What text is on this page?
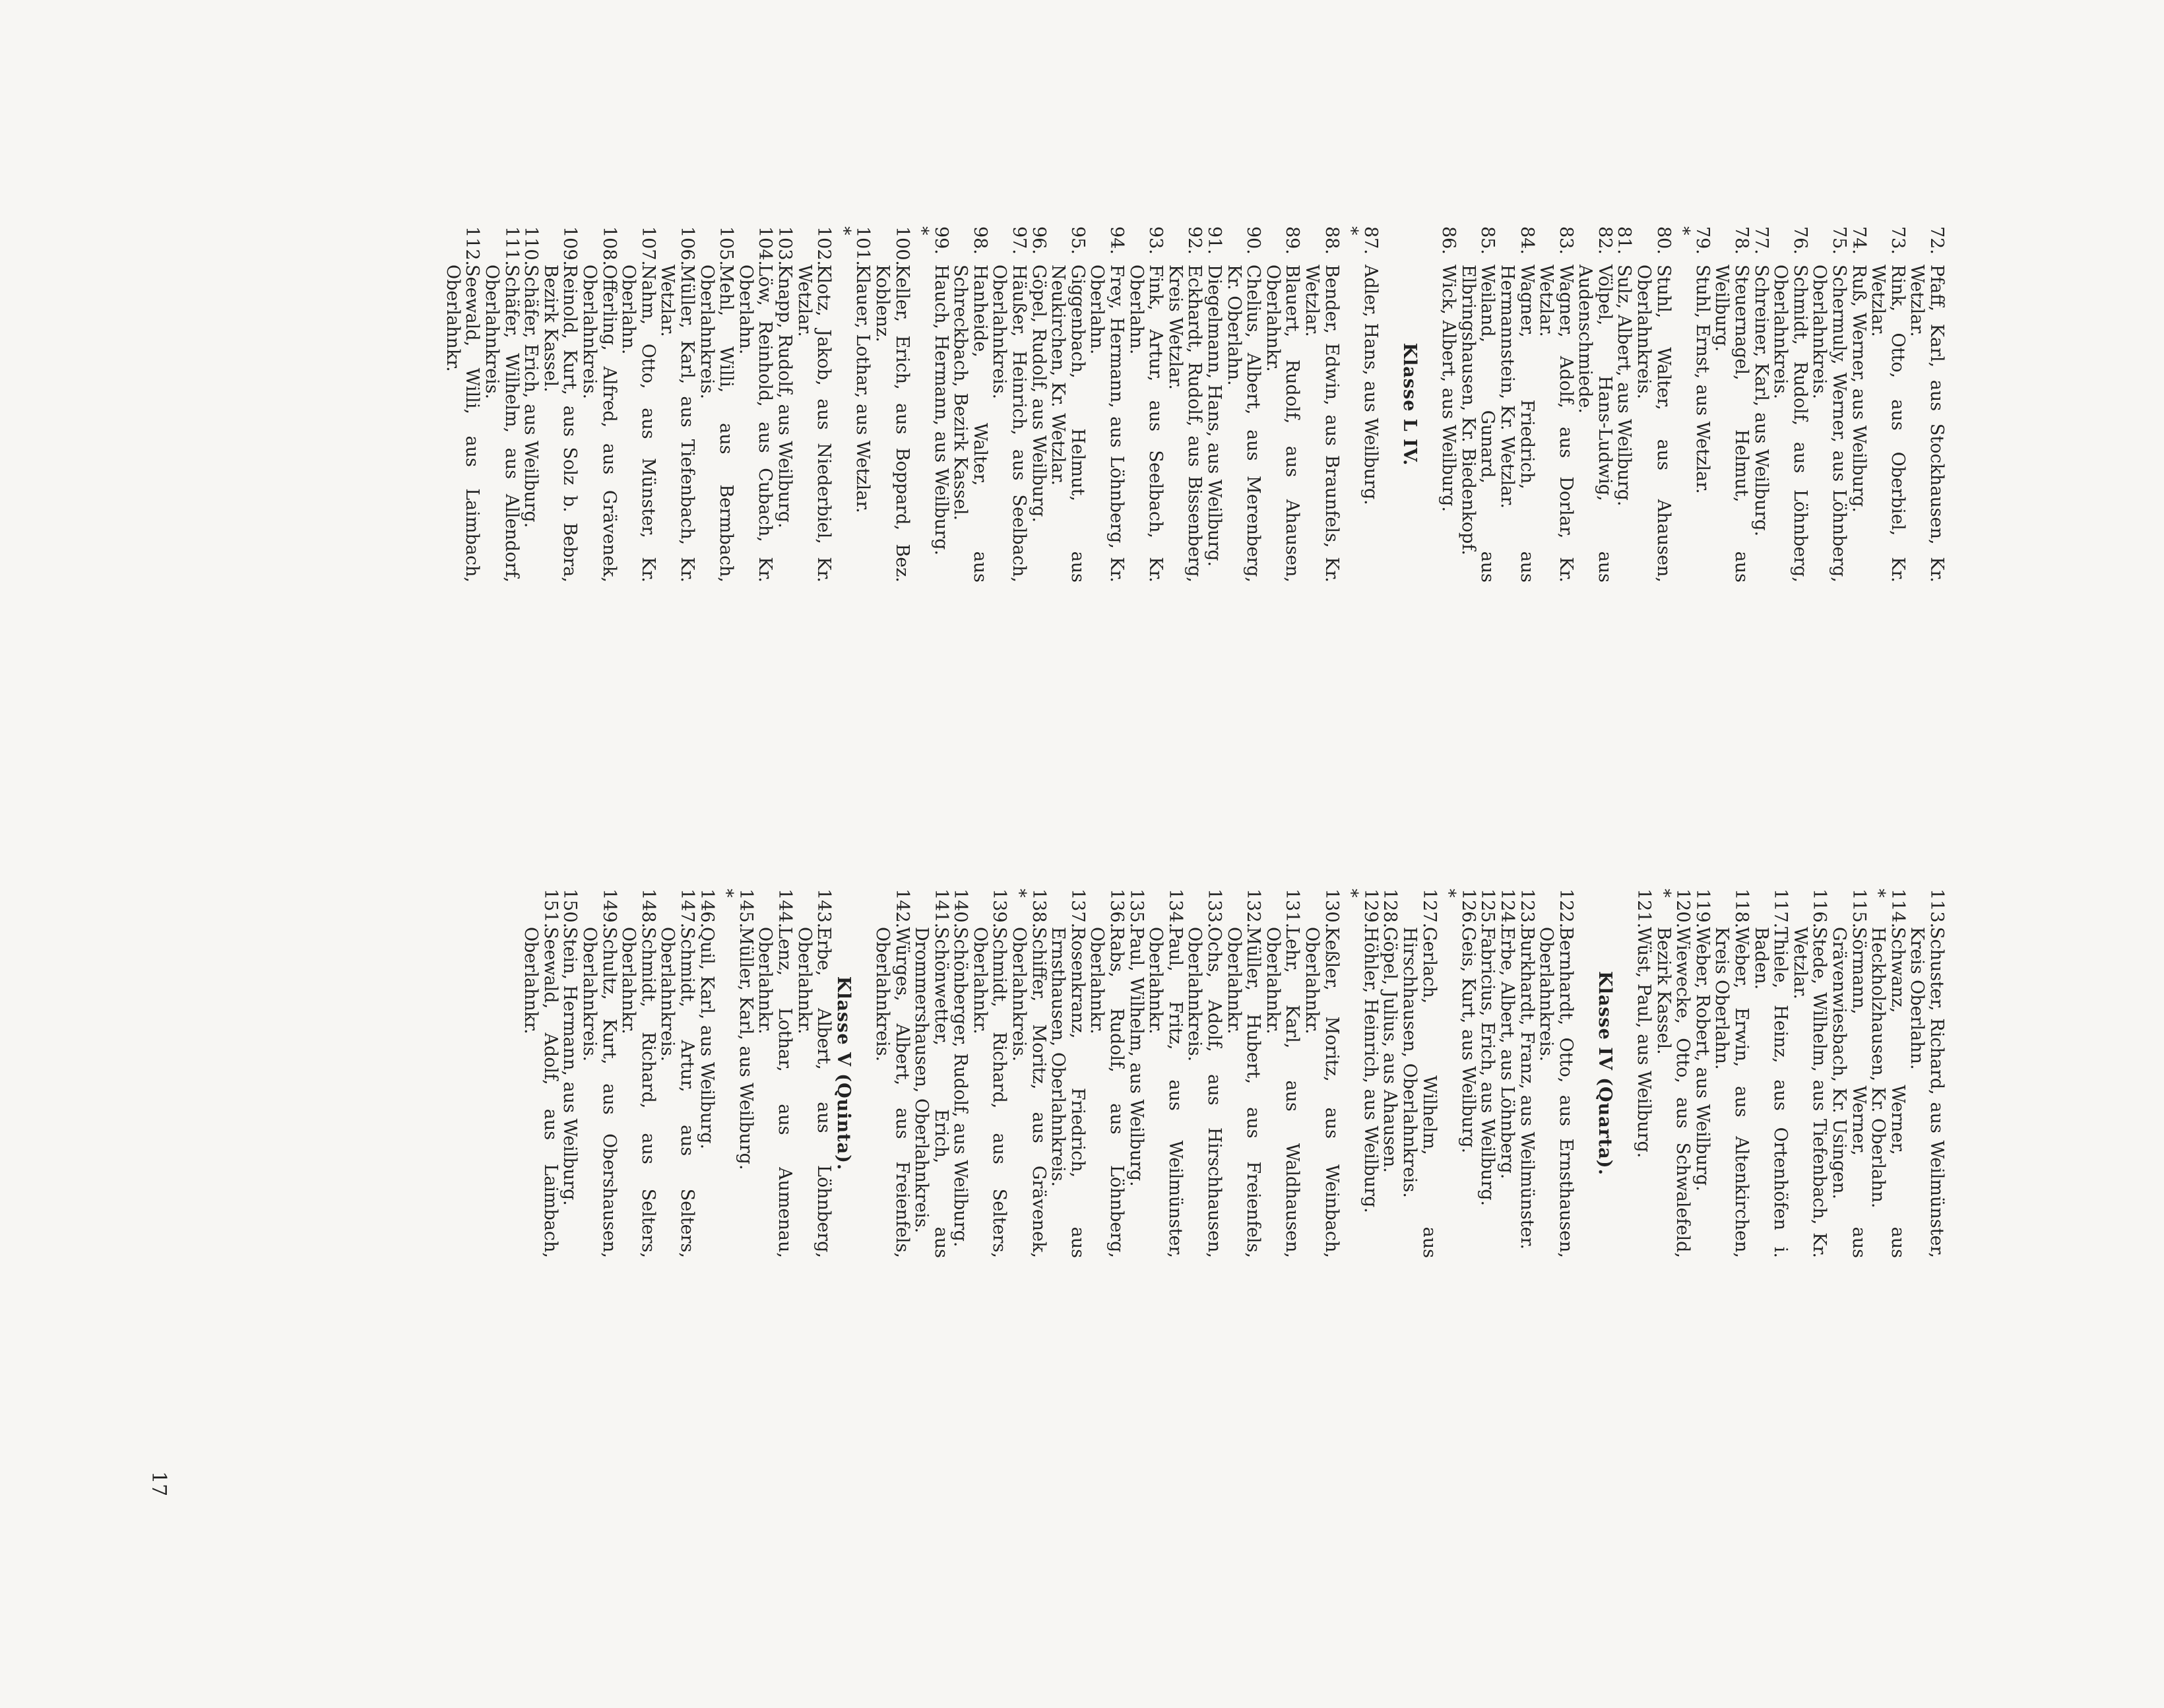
72.
Pfaff, Karl, aus Stockhausen, Kr. Wetzlar.
73.
Rink, Otto, aus Oberbiel, Kr. Wetzlar.
74.
Ruß, Werner, aus Weilburg.
75.
Schermuly, Werner, aus Löhnberg, Oberlahnkreis.
76.
Schmidt, Rudolf, aus Löhnberg, Oberlahnkreis.
77.
Schreiner, Karl, aus Weilburg.
78.
Steuernagel, Helmut, aus Weilburg.
79. *
Stuhl, Ernst, aus Wetzlar.
80.
Stuhl, Walter, aus Ahausen, Oberlahnkreis.
81.
Sulz, Albert, aus Weilburg.
82.
Völpel, Hans-Ludwig, aus Audenschmiede.
83.
Wagner, Adolf, aus Dorlar, Kr. Wetzlar.
84.
Wagner, Friedrich, aus Hermannstein, Kr. Wetzlar.
85.
Weiland, Gunard, aus Elbringshausen, Kr. Biedenkopf.
86.
Wick, Albert, aus Weilburg.
Klasse L IV.
87. *
Adler, Hans, aus Weilburg.
88.
Bender, Edwin, aus Braunfels, Kr. Wetzlar.
89.
Blauert, Rudolf, aus Ahausen, Oberlahnkr.
90.
Chelius, Albert, aus Merenberg, Kr. Oberlahn.
91.
Diegelmann, Hans, aus Weilburg.
92.
Eckhardt, Rudolf, aus Bissenberg, Kreis Wetzlar.
93.
Fink, Artur, aus Seelbach, Kr. Oberlahn.
94.
Frey, Hermann, aus Löhnberg, Kr. Oberlahn.
95.
Giggenbach, Helmut, aus Neukirchen, Kr. Wetzlar.
96.
Göpel, Rudolf, aus Weilburg.
97.
Häußer, Heinrich, aus Seelbach, Oberlahnkreis.
98.
Hanheide, Walter, aus Schreckbach, Bezirk Kassel.
99. *
Hauch, Hermann, aus Weilburg.
100.
Keller, Erich, aus Boppard, Bez. Koblenz.
101. *
Klauer, Lothar, aus Wetzlar.
102.
Klotz, Jakob, aus Niederbiel, Kr. Wetzlar.
103.
Knapp, Rudolf, aus Weilburg.
104.
Löw, Reinhold, aus Cubach, Kr. Oberlahn.
105.
Mehl, Willi, aus Bermbach, Oberlahnkreis.
106.
Müller, Karl, aus Tiefenbach, Kr. Wetzlar.
107.
Nahm, Otto, aus Münster, Kr. Oberlahn.
108.
Offerling, Alfred, aus Grävenek, Oberlahnkreis.
109.
Reinold, Kurt, aus Solz b. Bebra, Bezirk Kassel.
110.
Schäfer, Erich, aus Weilburg.
111.
Schäfer, Wilhelm, aus Allendorf, Oberlahnkreis.
112.
Seewald, Willi, aus Laimbach, Oberlahnkr.
113.
Schuster, Richard, aus Weilmünster, Kreis Oberlahn.
114. *
Schwanz, Werner, aus Heckholzhausen, Kr. Oberlahn.
115.
Sörmann, Werner, aus Grävenwiesbach, Kr. Usingen.
116.
Stede, Wilhelm, aus Tiefenbach, Kr. Wetzlar.
117.
Thiele, Heinz, aus Ortenhöfen i. Baden.
118.
Weber, Erwin, aus Altenkirchen, Kreis Oberlahn.
119.
Weber, Robert, aus Weilburg.
120. *
Wiewecke, Otto, aus Schwalefeld, Bezirk Kassel.
121.
Wüst, Paul, aus Weilburg.
Klasse IV (Quarta).
122.
Bernhardt, Otto, aus Ernsthausen, Oberlahnkreis.
123.
Burkhardt, Franz, aus Weilmünster.
124.
Erbe, Albert, aus Löhnberg.
125.
Fabricius, Erich, aus Weilburg.
126. *
Geis, Kurt, aus Weilburg.
127.
Gerlach, Wilhelm, aus Hirschhausen, Oberlahnkreis.
128.
Göpel, Julius, aus Ahausen.
129. *
Höhler, Heinrich, aus Weilburg.
130.
Keßler, Moritz, aus Weinbach, Oberlahnkr.
131.
Lehr, Karl, aus Waldhausen, Oberlahnkr.
132.
Müller, Hubert, aus Freienfels, Oberlahnkr.
133.
Ochs, Adolf, aus Hirschhausen, Oberlahnkreis.
134.
Paul, Fritz, aus Weilmünster, Oberlahnkr.
135.
Paul, Wilhelm, aus Weilburg.
136.
Rabs, Rudolf, aus Löhnberg, Oberlahnkr.
137.
Rosenkranz, Friedrich, aus Ernsthausen, Oberlahnkreis.
138. *
Schiffer, Moritz, aus Grävenek, Oberlahnkreis.
139.
Schmidt, Richard, aus Selters, Oberlahnkr.
140.
Schönberger, Rudolf, aus Weilburg.
141.
Schönwetter, Erich, aus Drommershausen, Oberlahnkreis.
142.
Würges, Albert, aus Freienfels, Oberlahnkreis.
Klasse V (Quinta).
143.
Erbe, Albert, aus Löhnberg, Oberlahnkr.
144.
Lenz, Lothar, aus Aumenau, Oberlahnkr.
145. *
Müller, Karl, aus Weilburg.
146.
Quil, Karl, aus Weilburg.
147.
Schmidt, Artur, aus Selters, Oberlahnkreis.
148.
Schmidt, Richard, aus Selters, Oberlahnkr.
149.
Schultz, Kurt, aus Obershausen, Oberlahnkreis.
150.
Stein, Hermann, aus Weilburg.
151.
Seewald, Adolf, aus Laimbach, Oberlahnkr.
17
